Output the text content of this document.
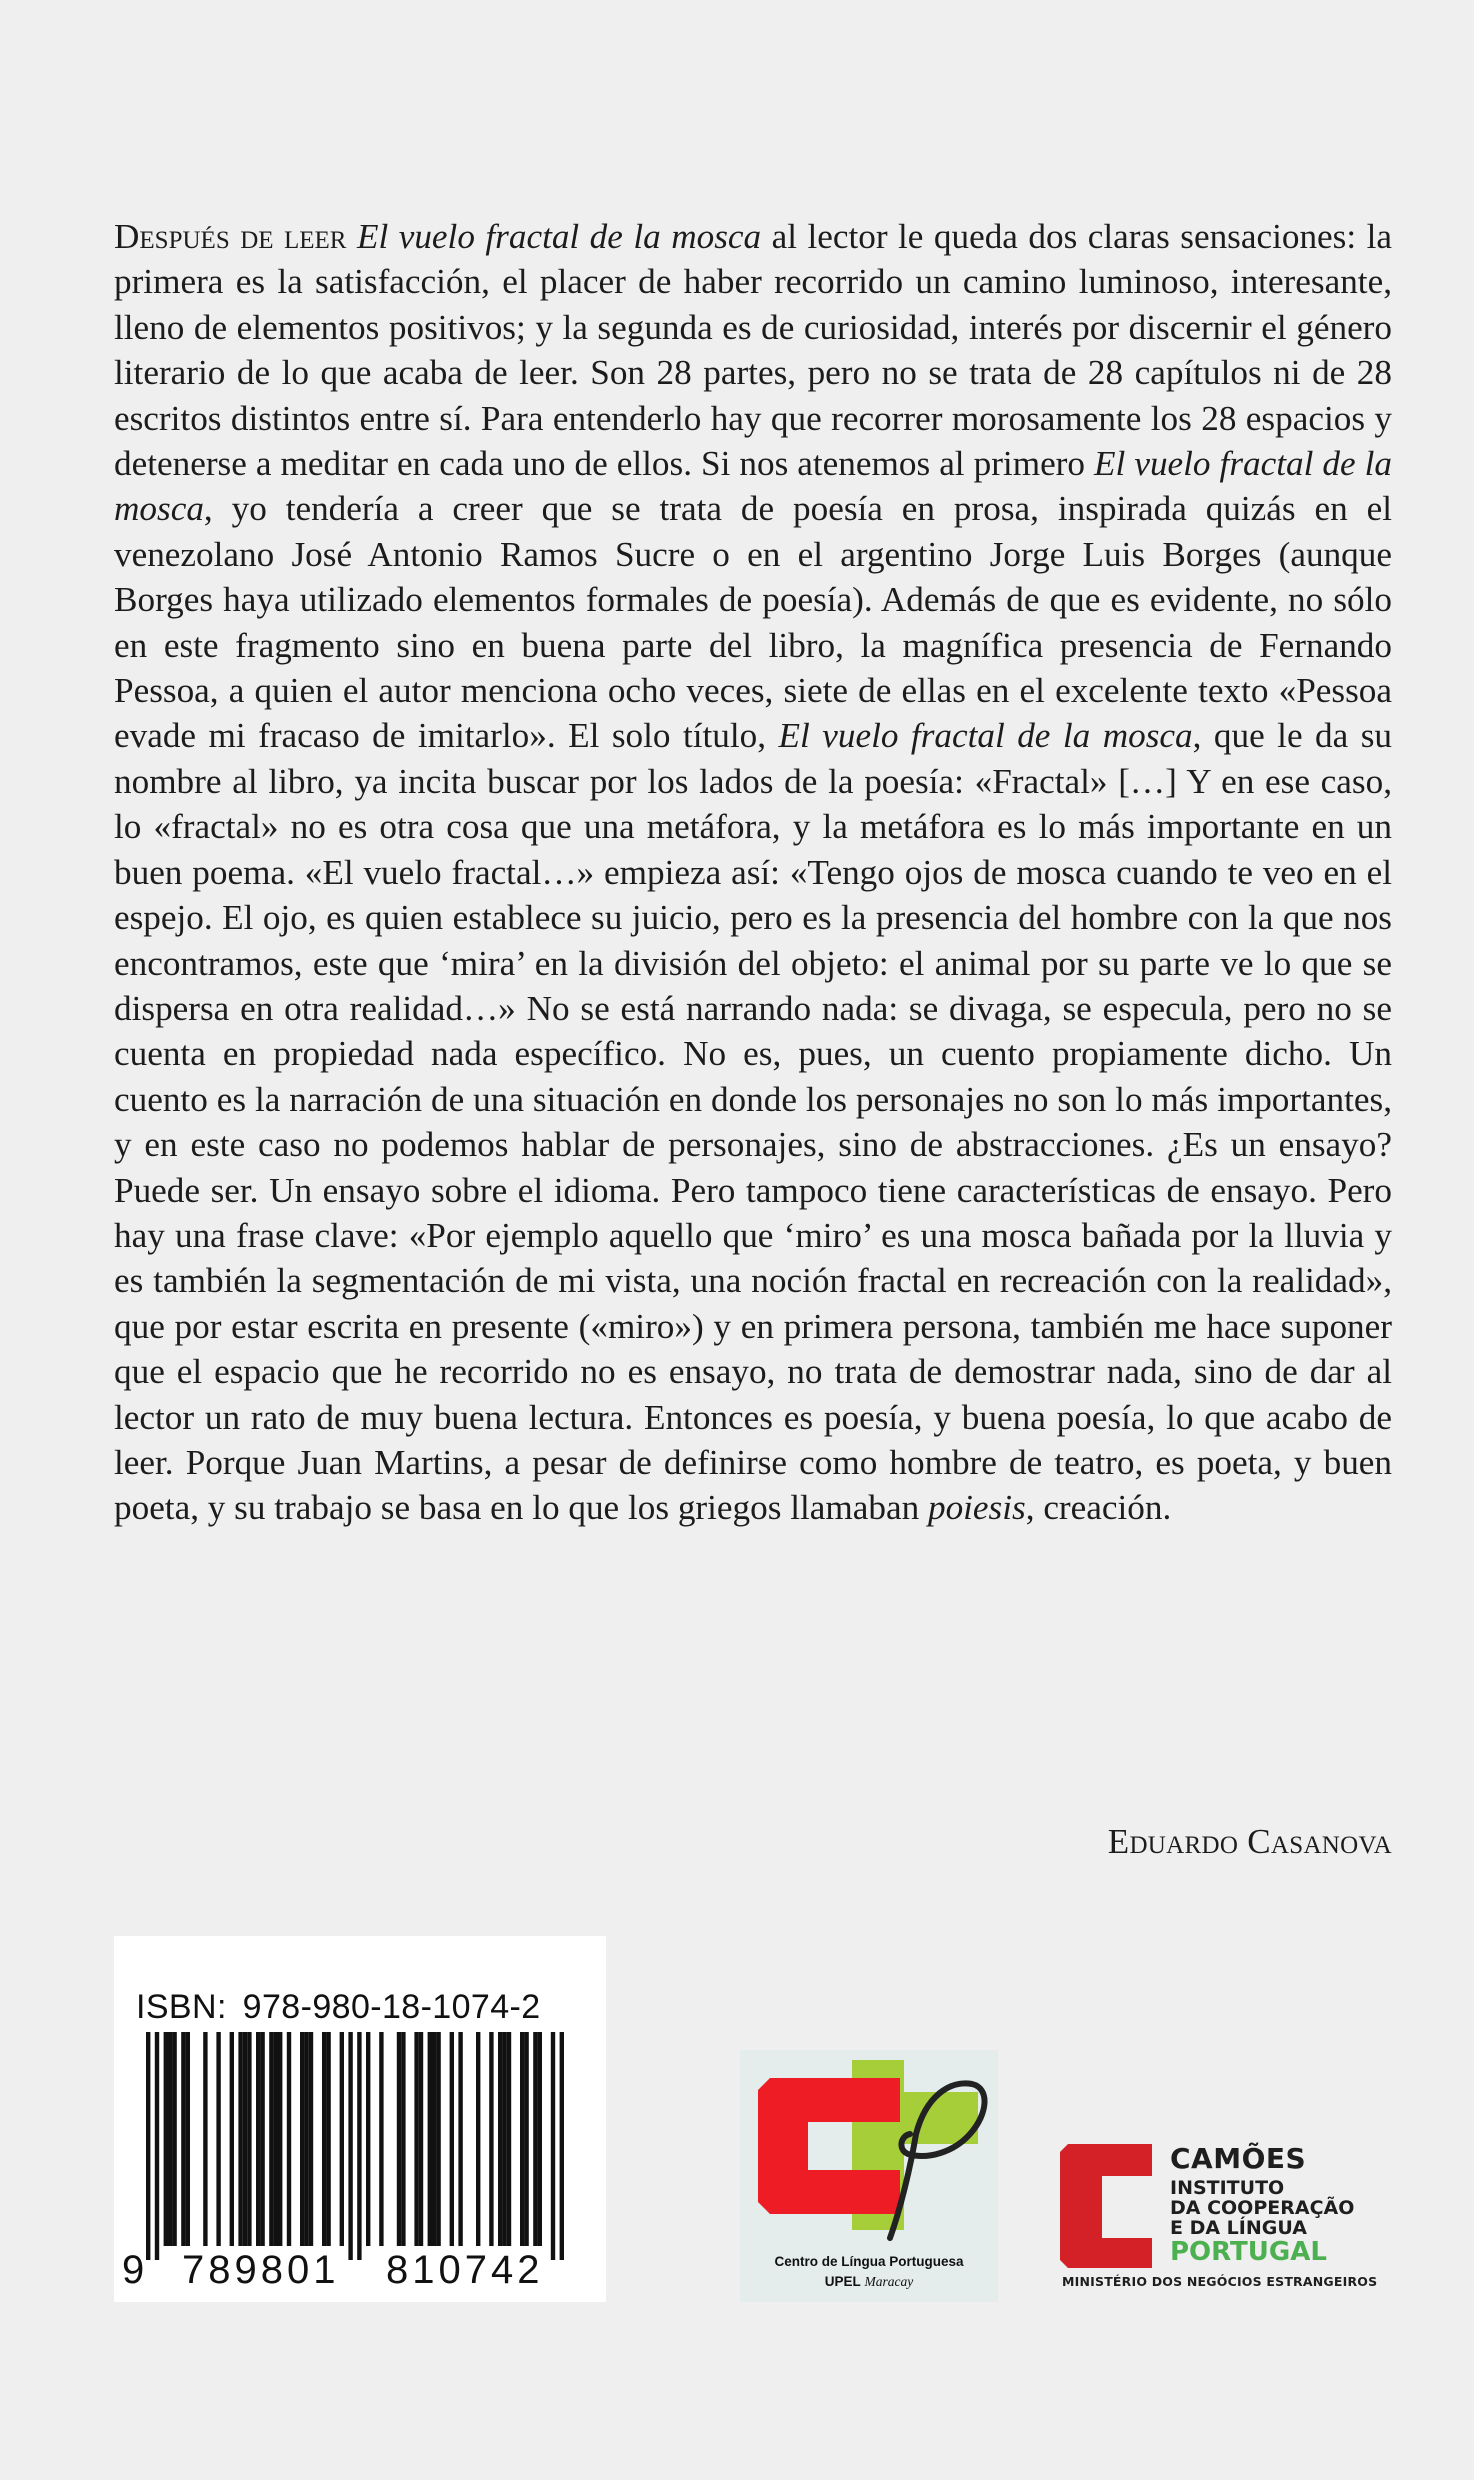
Después de leer El vuelo fractal de la mosca al lector le queda dos claras sensaciones: la primera es la satisfacción, el placer de haber recorrido un camino luminoso, interesante, lleno de elementos positivos; y la segunda es de curiosidad, interés por discernir el género literario de lo que acaba de leer. Son 28 partes, pero no se trata de 28 capítulos ni de 28 escritos distintos entre sí. Para entenderlo hay que recorrer morosamente los 28 espacios y detenerse a meditar en cada uno de ellos. Si nos atenemos al primero El vuelo fractal de la mosca, yo tendería a creer que se trata de poesía en prosa, inspirada quizás en el venezolano José Antonio Ramos Sucre o en el argentino Jorge Luis Borges (aunque Borges haya utilizado elementos formales de poesía). Además de que es evidente, no sólo en este fragmento sino en buena parte del libro, la magnífica presencia de Fernando Pessoa, a quien el autor menciona ocho veces, siete de ellas en el excelente texto «Pessoa evade mi fracaso de imitarlo». El solo título, El vuelo fractal de la mosca, que le da su nombre al libro, ya incita buscar por los lados de la poesía: «Fractal» […] Y en ese caso, lo «fractal» no es otra cosa que una metáfora, y la metáfora es lo más importante en un buen poema. «El vuelo fractal…» empieza así: «Tengo ojos de mosca cuando te veo en el espejo. El ojo, es quien establece su juicio, pero es la presencia del hombre con la que nos encontramos, este que ‘mira’ en la división del objeto: el animal por su parte ve lo que se dispersa en otra realidad…» No se está narrando nada: se divaga, se especula, pero no se cuenta en propiedad nada específico. No es, pues, un cuento propiamente dicho. Un cuento es la narración de una situación en donde los personajes no son lo más importantes, y en este caso no podemos hablar de personajes, sino de abstracciones. ¿Es un ensayo? Puede ser. Un ensayo sobre el idioma. Pero tampoco tiene características de ensayo. Pero hay una frase clave: «Por ejemplo aquello que ‘miro’ es una mosca bañada por la lluvia y es también la segmentación de mi vista, una noción fractal en recreación con la realidad», que por estar escrita en presente («miro») y en primera persona, también me hace suponer que el espacio que he recorrido no es ensayo, no trata de demostrar nada, sino de dar al lector un rato de muy buena lectura. Entonces es poesía, y buena poesía, lo que acabo de leer. Porque Juan Martins, a pesar de definirse como hombre de teatro, es poeta, y buen poeta, y su trabajo se basa en lo que los griegos llamaban poiesis, creación.

Eduardo Casanova
ISBN: 978-980-18-1074-2
9 789801 810742	Centro de Língua Portuguesa
UPEL Maracay
CAMÕES
INSTITUTO
DA COOPERAÇÃO
E DA LÍNGUA
PORTUGAL
MINISTÉRIO DOS NEGÓCIOS ESTRANGEIROS
